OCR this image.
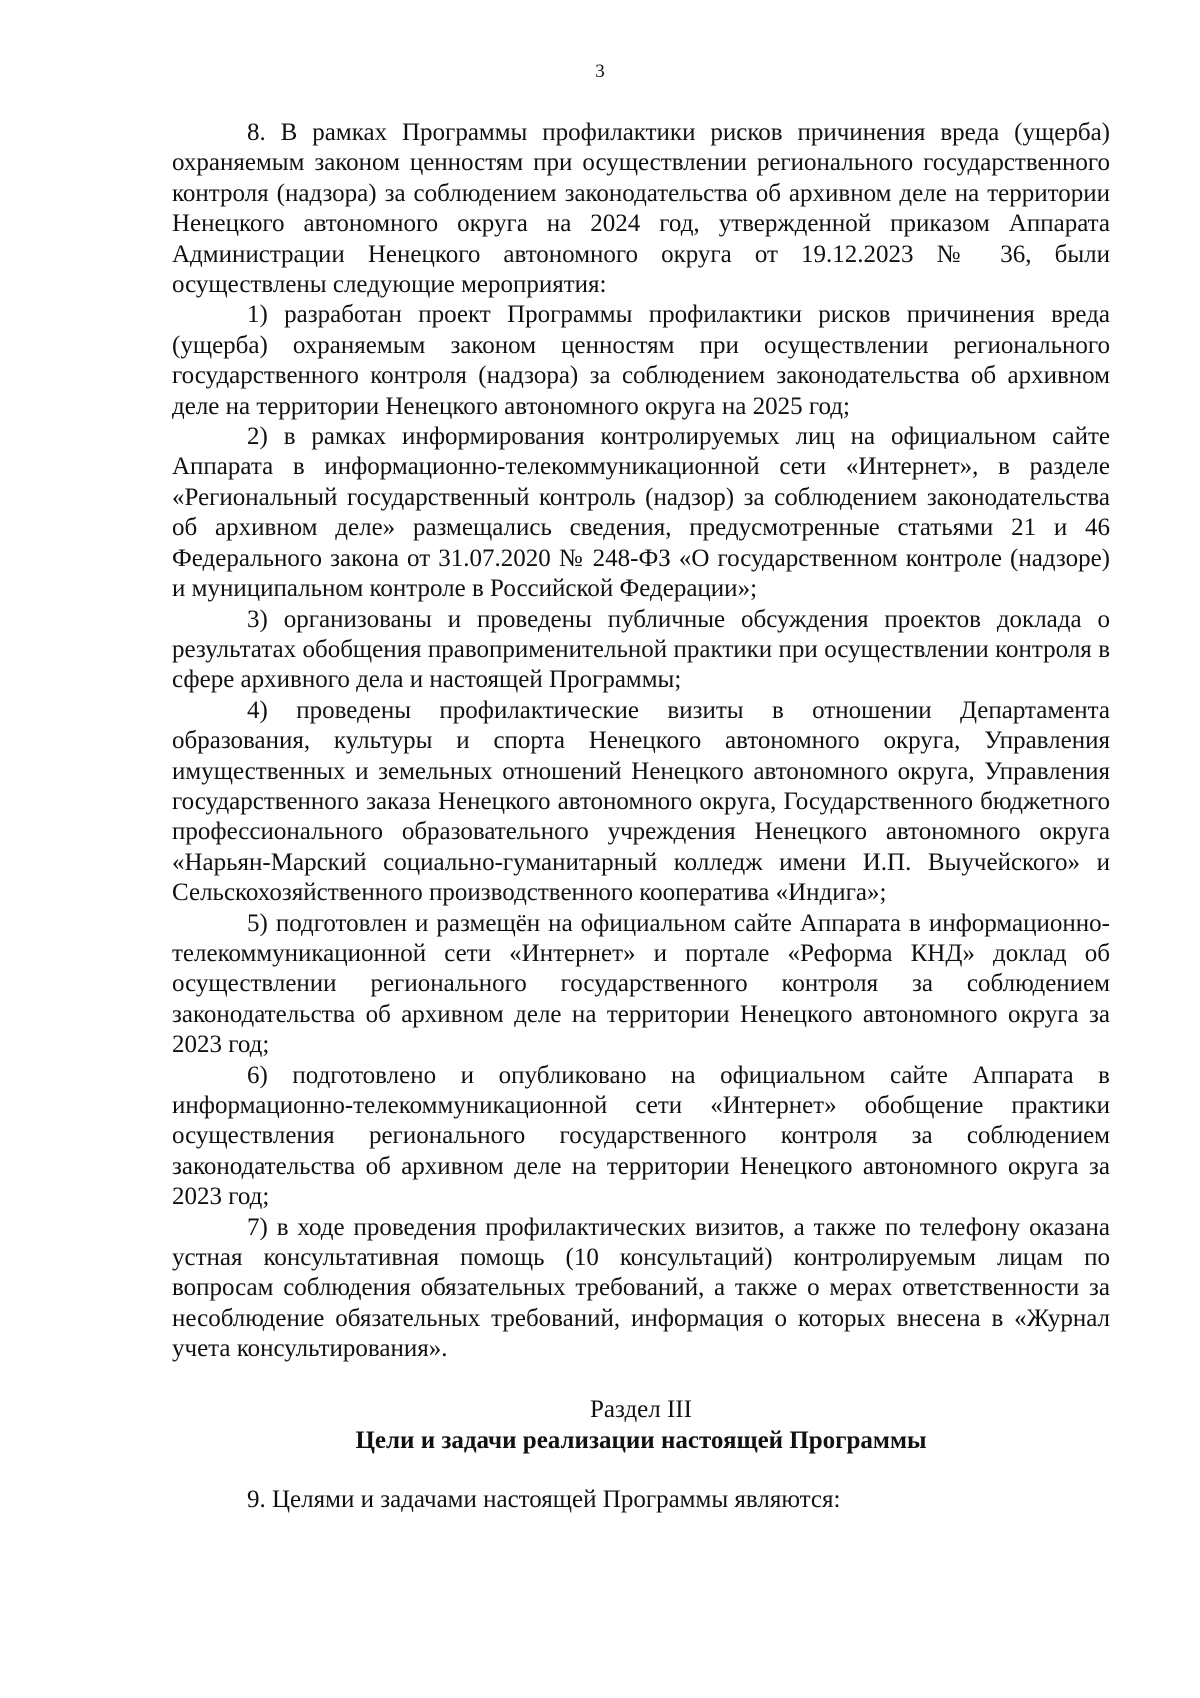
3

8. В рамках Программы профилактики рисков причинения вреда (ущерба) охраняемым законом ценностям при осуществлении регионального государственного контроля (надзора) за соблюдением законодательства об архивном деле на территории Ненецкого автономного округа на 2024 год, утвержденной приказом Аппарата Администрации Ненецкого автономного округа от 19.12.2023 № 36, были осуществлены следующие мероприятия:

1) разработан проект Программы профилактики рисков причинения вреда (ущерба) охраняемым законом ценностям при осуществлении регионального государственного контроля (надзора) за соблюдением законодательства об архивном деле на территории Ненецкого автономного округа на 2025 год;

2) в рамках информирования контролируемых лиц на официальном сайте Аппарата в информационно-телекоммуникационной сети «Интернет», в разделе «Региональный государственный контроль (надзор) за соблюдением законодательства об архивном деле» размещались сведения, предусмотренные статьями 21 и 46 Федерального закона от 31.07.2020 № 248-ФЗ «О государственном контроле (надзоре) и муниципальном контроле в Российской Федерации»;

3) организованы и проведены публичные обсуждения проектов доклада о результатах обобщения правоприменительной практики при осуществлении контроля в сфере архивного дела и настоящей Программы;

4) проведены профилактические визиты в отношении Департамента образования, культуры и спорта Ненецкого автономного округа, Управления имущественных и земельных отношений Ненецкого автономного округа, Управления государственного заказа Ненецкого автономного округа, Государственного бюджетного профессионального образовательного учреждения Ненецкого автономного округа «Нарьян-Марский социально-гуманитарный колледж имени И.П. Выучейского» и Сельскохозяйственного производственного кооператива «Индига»;

5) подготовлен и размещён на официальном сайте Аппарата в информационно-телекоммуникационной сети «Интернет» и портале «Реформа КНД» доклад об осуществлении регионального государственного контроля за соблюдением законодательства об архивном деле на территории Ненецкого автономного округа за 2023 год;

6) подготовлено и опубликовано на официальном сайте Аппарата в информационно-телекоммуникационной сети «Интернет» обобщение практики осуществления регионального государственного контроля за соблюдением законодательства об архивном деле на территории Ненецкого автономного округа за 2023 год;

7) в ходе проведения профилактических визитов, а также по телефону оказана устная консультативная помощь (10 консультаций) контролируемым лицам по вопросам соблюдения обязательных требований, а также о мерах ответственности за несоблюдение обязательных требований, информация о которых внесена в «Журнал учета консультирования».

Раздел III

Цели и задачи реализации настоящей Программы

9. Целями и задачами настоящей Программы являются:
